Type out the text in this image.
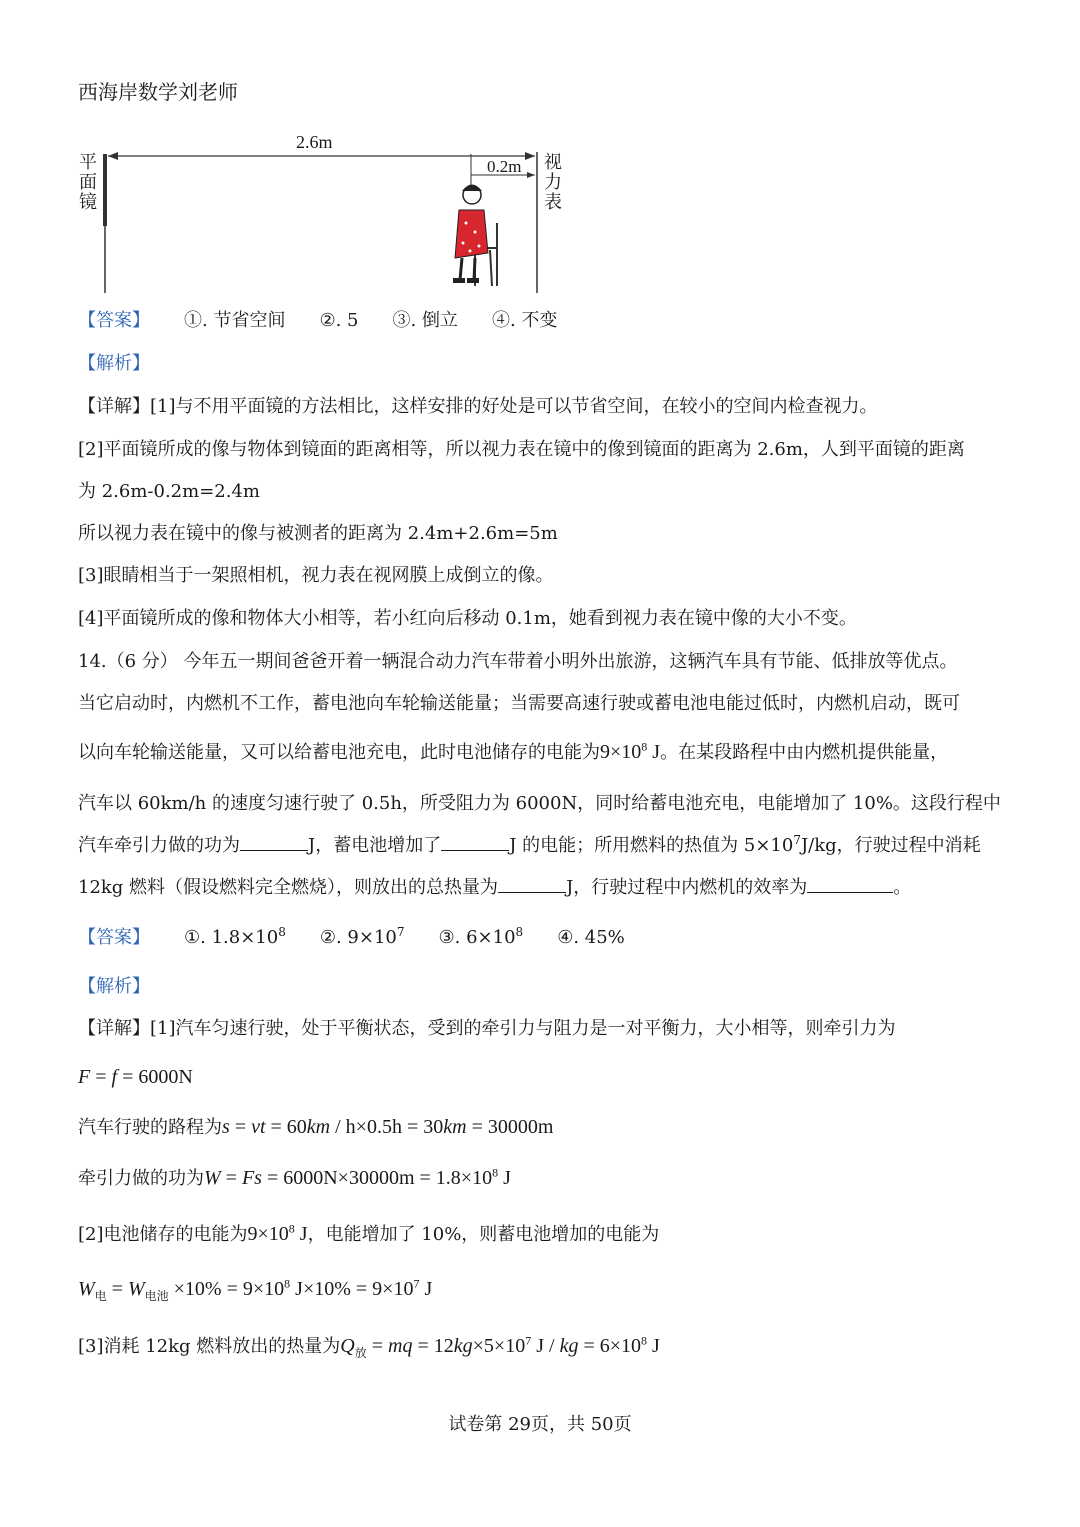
西海岸数学刘老师
2.6m
0.2m
平
面
镜
视
力
表
【答案】 ①. 节省空间 ②. 5 ③. 倒立 ④. 不变
【解析】
【详解】[1]与不用平面镜的方法相比，这样安排的好处是可以节省空间，在较小的空间内检查视力。
[2]平面镜所成的像与物体到镜面的距离相等，所以视力表在镜中的像到镜面的距离为 2.6m，人到平面镜的距离
为 2.6m-0.2m=2.4m
所以视力表在镜中的像与被测者的距离为 2.4m+2.6m=5m
[3]眼睛相当于一架照相机，视力表在视网膜上成倒立的像。
[4]平面镜所成的像和物体大小相等，若小红向后移动 0.1m，她看到视力表在镜中像的大小不变。
14.（6 分） 今年五一期间爸爸开着一辆混合动力汽车带着小明外出旅游，这辆汽车具有节能、低排放等优点。
当它启动时，内燃机不工作，蓄电池向车轮输送能量；当需要高速行驶或蓄电池电能过低时，内燃机启动，既可
以向车轮输送能量，又可以给蓄电池充电，此时电池储存的电能为$9\times 10^8$ J。在某段路程中由内燃机提供能量，
汽车以 60km/h 的速度匀速行驶了 0.5h，所受阻力为 6000N，同时给蓄电池充电，电能增加了 10%。这段行程中
汽车牵引力做的功为	J，蓄电池增加了	J 的电能；所用燃料的热值为 $5\times 10^7J/kg$，行驶过程中消耗
12kg 燃料（假设燃料完全燃烧），则放出的总热量为	J，行驶过程中内燃机的效率为	。
【答案】 ①. $1.8\times 10^8$ ②. $9\times 10^7$ ③. $6\times 10^8$ ④. 45%
【解析】
【详解】[1]汽车匀速行驶，处于平衡状态，受到的牵引力与阻力是一对平衡力，大小相等，则牵引力为
F = f = 6000N
汽车行驶的路程为s = vt = 60km / h×0.5h = 30km = 30000m
牵引力做的功为$W = Fs = 6000N\times 30000m = 1.8\times 10^8$ J
[2]电池储存的电能为$9\times 10^8$ J，电能增加了 10%，则蓄电池增加的电能为
$W_电 = W_{电池} \times 10\% = 9\times 10^8$ $J\times 10\% = 9\times 10^7$ J
[3]消耗 12kg 燃料放出的热量为$Q_放$ = mq = $12kg\times 5\times 10^7$ J / kg = $6\times 10^8$ J
试卷第 29页，共 50页
